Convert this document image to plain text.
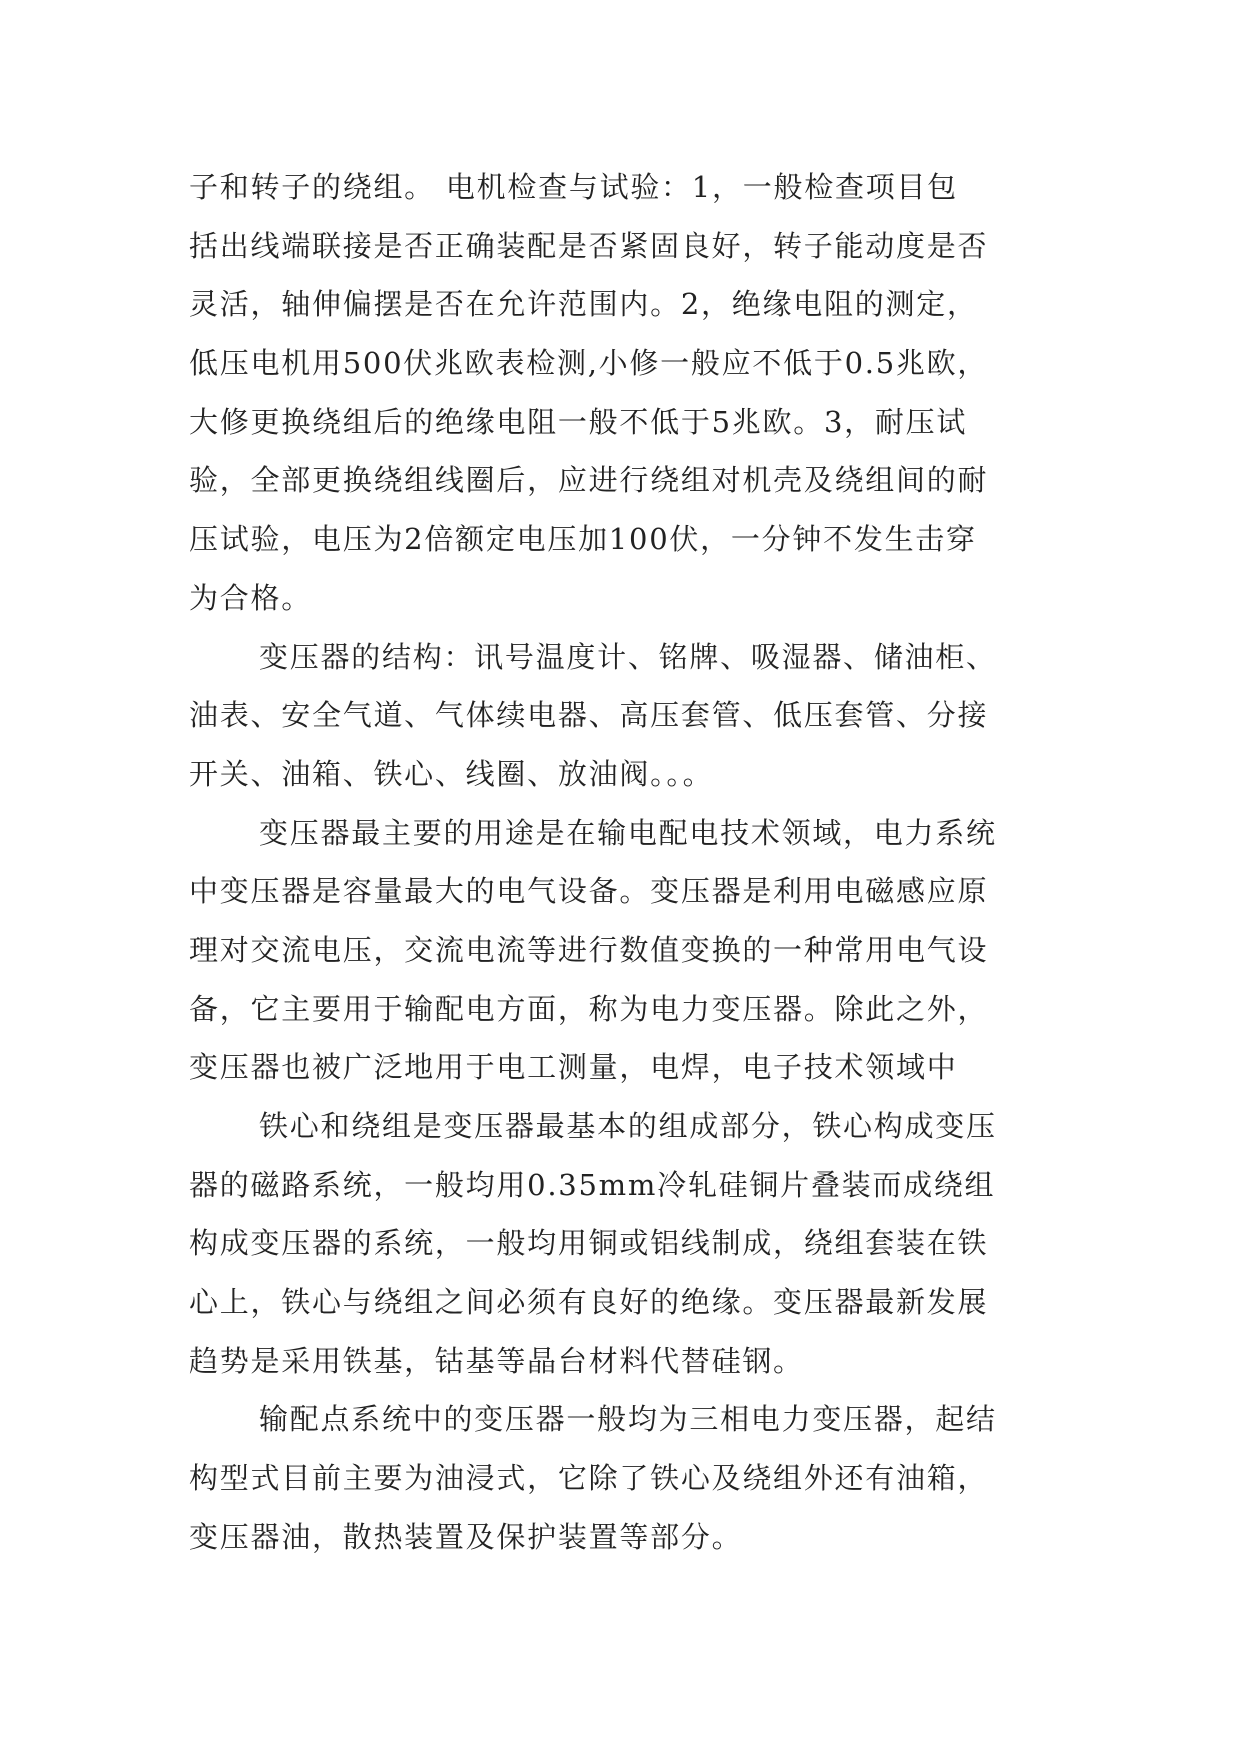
子和转子的绕组。 电机检查与试验：1，一般检查项目包
括出线端联接是否正确装配是否紧固良好，转子能动度是否
灵活，轴伸偏摆是否在允许范围内。2，绝缘电阻的测定，
低压电机用500伏兆欧表检测,小修一般应不低于0.5兆欧，
大修更换绕组后的绝缘电阻一般不低于5兆欧。3，耐压试
验，全部更换绕组线圈后，应进行绕组对机壳及绕组间的耐
压试验，电压为2倍额定电压加100伏，一分钟不发生击穿
为合格。
变压器的结构：讯号温度计、铭牌、吸湿器、储油柜、
油表、安全气道、气体续电器、高压套管、低压套管、分接
开关、油箱、铁心、线圈、放油阀。。。
变压器最主要的用途是在输电配电技术领域，电力系统
中变压器是容量最大的电气设备。变压器是利用电磁感应原
理对交流电压，交流电流等进行数值变换的一种常用电气设
备，它主要用于输配电方面，称为电力变压器。除此之外，
变压器也被广泛地用于电工测量，电焊，电子技术领域中
铁心和绕组是变压器最基本的组成部分，铁心构成变压
器的磁路系统，一般均用0.35mm冷轧硅铜片叠装而成绕组
构成变压器的系统，一般均用铜或铝线制成，绕组套装在铁
心上，铁心与绕组之间必须有良好的绝缘。变压器最新发展
趋势是采用铁基，钴基等晶台材料代替硅钢。
输配点系统中的变压器一般均为三相电力变压器，起结
构型式目前主要为油浸式，它除了铁心及绕组外还有油箱，
变压器油，散热装置及保护装置等部分。
